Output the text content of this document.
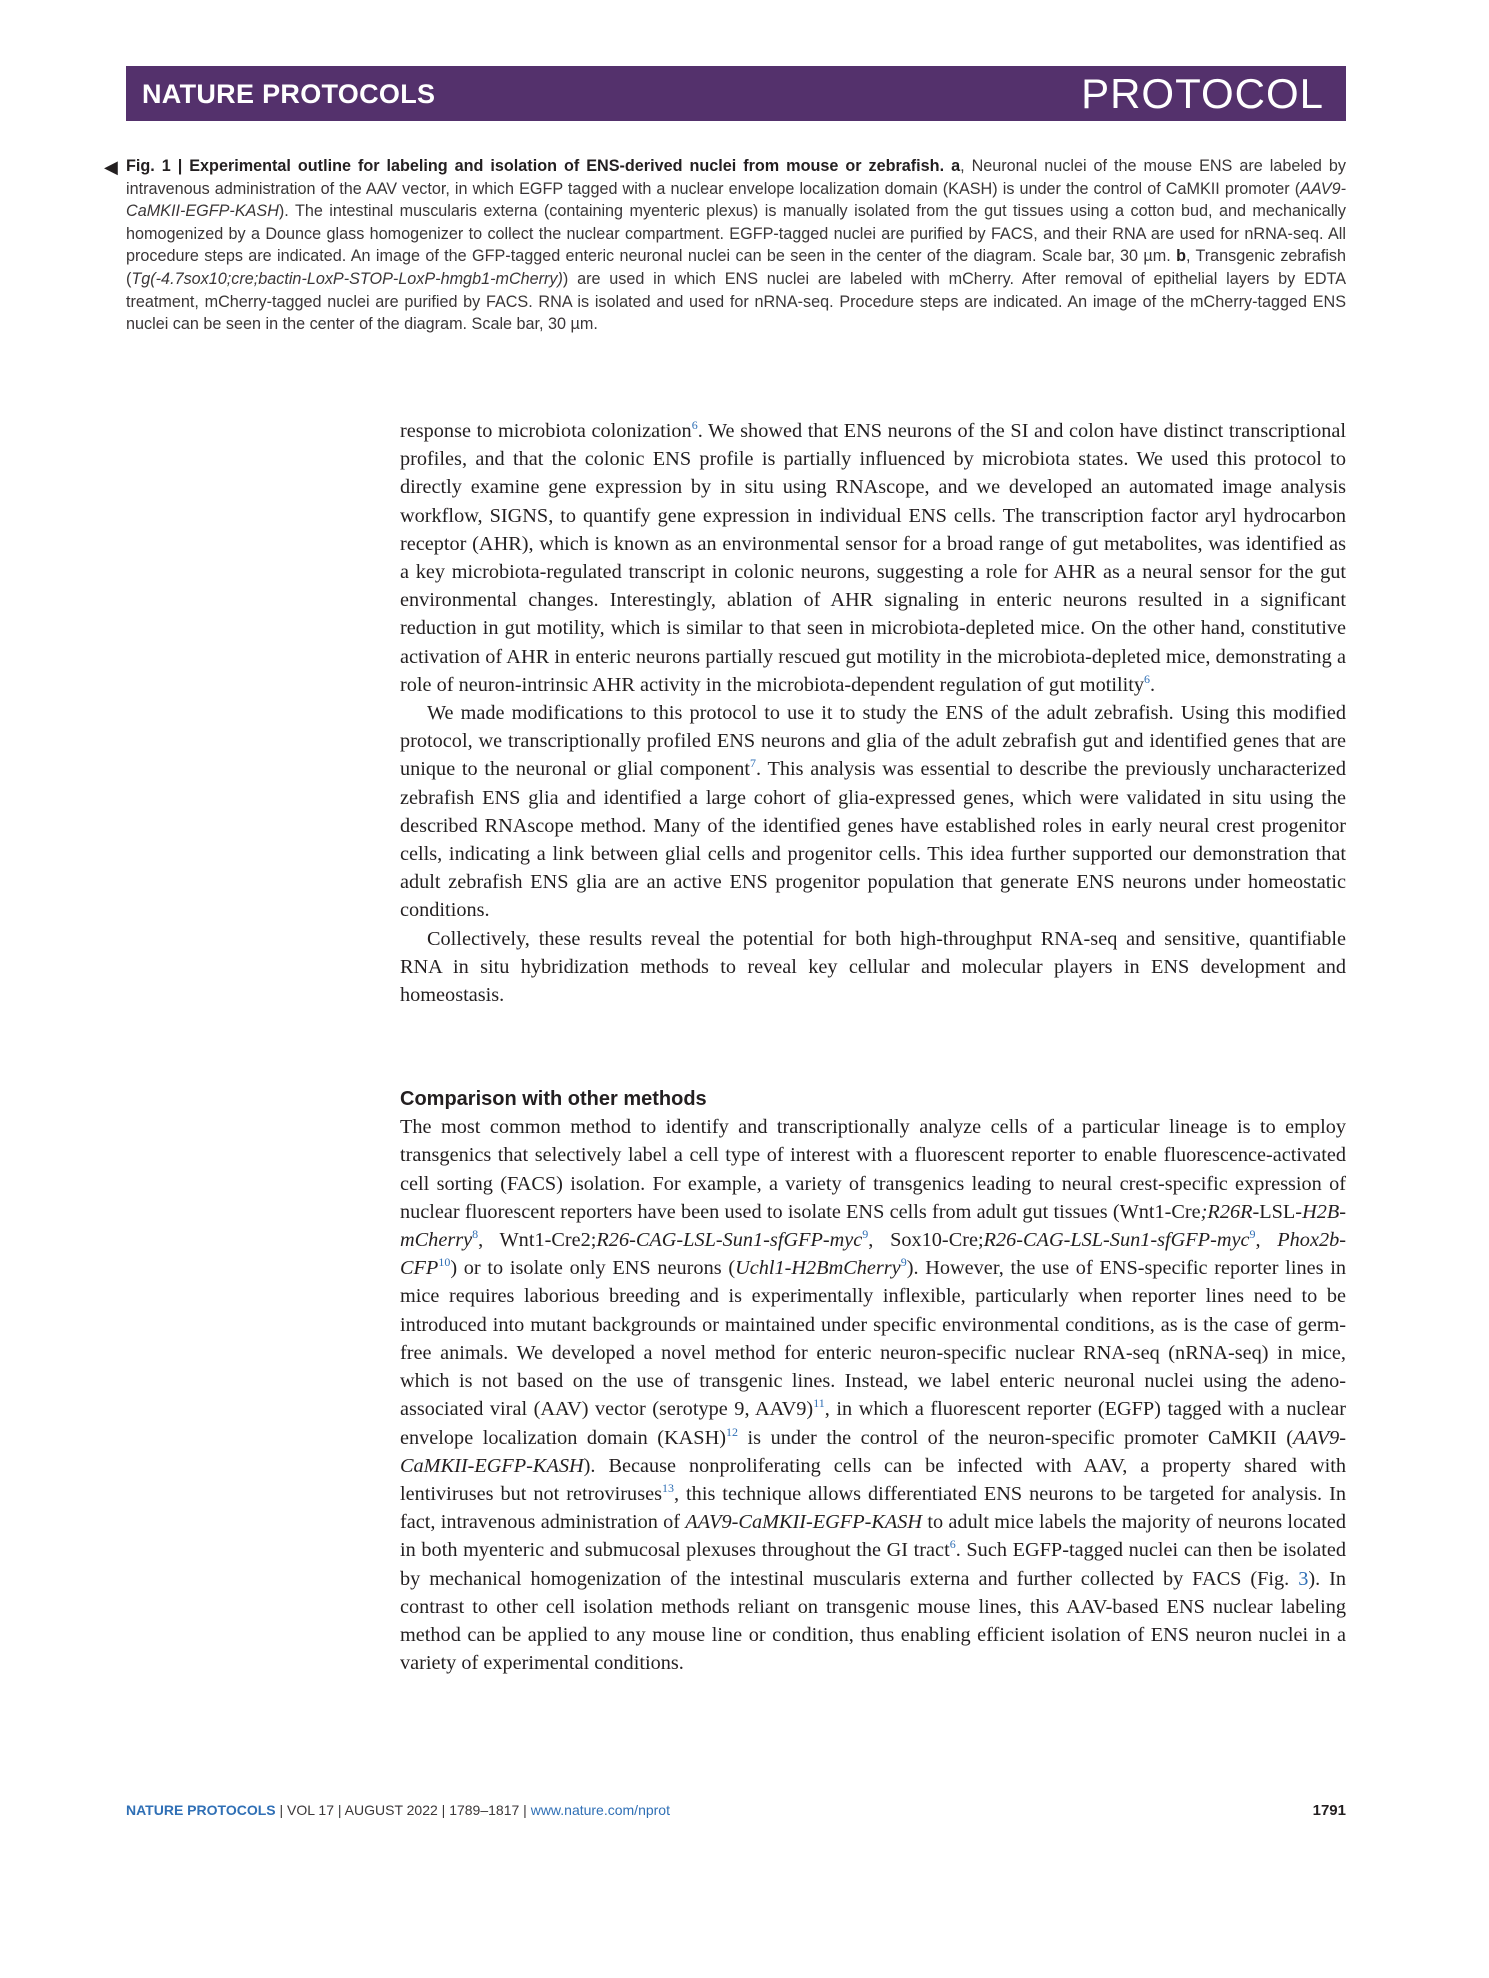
NATURE PROTOCOLS	PROTOCOL
◀ Fig. 1 | Experimental outline for labeling and isolation of ENS-derived nuclei from mouse or zebrafish. a, Neuronal nuclei of the mouse ENS are labeled by intravenous administration of the AAV vector, in which EGFP tagged with a nuclear envelope localization domain (KASH) is under the control of CaMKII promoter (AAV9-CaMKII-EGFP-KASH). The intestinal muscularis externa (containing myenteric plexus) is manually isolated from the gut tissues using a cotton bud, and mechanically homogenized by a Dounce glass homogenizer to collect the nuclear compartment. EGFP-tagged nuclei are purified by FACS, and their RNA are used for nRNA-seq. All procedure steps are indicated. An image of the GFP-tagged enteric neuronal nuclei can be seen in the center of the diagram. Scale bar, 30 µm. b, Transgenic zebrafish (Tg(-4.7sox10;cre;bactin-LoxP-STOP-LoxP-hmgb1-mCherry)) are used in which ENS nuclei are labeled with mCherry. After removal of epithelial layers by EDTA treatment, mCherry-tagged nuclei are purified by FACS. RNA is isolated and used for nRNA-seq. Procedure steps are indicated. An image of the mCherry-tagged ENS nuclei can be seen in the center of the diagram. Scale bar, 30 µm.

response to microbiota colonization$^6$. We showed that ENS neurons of the SI and colon have distinct transcriptional profiles, and that the colonic ENS profile is partially influenced by microbiota states. We used this protocol to directly examine gene expression by in situ using RNAscope, and we developed an automated image analysis workflow, SIGNS, to quantify gene expression in individual ENS cells. The transcription factor aryl hydrocarbon receptor (AHR), which is known as an environmental sensor for a broad range of gut metabolites, was identified as a key microbiota-regulated transcript in colonic neurons, suggesting a role for AHR as a neural sensor for the gut environmental changes. Interestingly, ablation of AHR signaling in enteric neurons resulted in a significant reduction in gut motility, which is similar to that seen in microbiota-depleted mice. On the other hand, constitutive activation of AHR in enteric neurons partially rescued gut motility in the microbiota-depleted mice, demonstrating a role of neuron-intrinsic AHR activity in the microbiota-dependent regulation of gut motility$^6$.

We made modifications to this protocol to use it to study the ENS of the adult zebrafish. Using this modified protocol, we transcriptionally profiled ENS neurons and glia of the adult zebrafish gut and identified genes that are unique to the neuronal or glial component$^7$. This analysis was essential to describe the previously uncharacterized zebrafish ENS glia and identified a large cohort of glia-expressed genes, which were validated in situ using the described RNAscope method. Many of the identified genes have established roles in early neural crest progenitor cells, indicating a link between glial cells and progenitor cells. This idea further supported our demonstration that adult zebrafish ENS glia are an active ENS progenitor population that generate ENS neurons under homeostatic conditions.

Collectively, these results reveal the potential for both high-throughput RNA-seq and sensitive, quantifiable RNA in situ hybridization methods to reveal key cellular and molecular players in ENS development and homeostasis.

Comparison with other methods

The most common method to identify and transcriptionally analyze cells of a particular lineage is to employ transgenics that selectively label a cell type of interest with a fluorescent reporter to enable fluorescence-activated cell sorting (FACS) isolation. For example, a variety of transgenics leading to neural crest-specific expression of nuclear fluorescent reporters have been used to isolate ENS cells from adult gut tissues (Wnt1-Cre;R26R-LSL-H2B-mCherry$^8$, Wnt1-Cre2;R26-CAG-LSL-Sun1-sfGFP-myc$^9$, Sox10-Cre;R26-CAG-LSL-Sun1-sfGFP-myc$^9$, Phox2b-CFP$^{10}$) or to isolate only ENS neurons (Uchl1-H2BmCherry$^9$). However, the use of ENS-specific reporter lines in mice requires laborious breeding and is experimentally inflexible, particularly when reporter lines need to be introduced into mutant backgrounds or maintained under specific environmental conditions, as is the case of germ-free animals. We developed a novel method for enteric neuron-specific nuclear RNA-seq (nRNA-seq) in mice, which is not based on the use of transgenic lines. Instead, we label enteric neuronal nuclei using the adeno-associated viral (AAV) vector (serotype 9, AAV9)$^{11}$, in which a fluorescent reporter (EGFP) tagged with a nuclear envelope localization domain (KASH)$^{12}$ is under the control of the neuron-specific promoter CaMKII (AAV9-CaMKII-EGFP-KASH). Because nonproliferating cells can be infected with AAV, a property shared with lentiviruses but not retroviruses$^{13}$, this technique allows differentiated ENS neurons to be targeted for analysis. In fact, intravenous administration of AAV9-CaMKII-EGFP-KASH to adult mice labels the majority of neurons located in both myenteric and submucosal plexuses throughout the GI tract$^6$. Such EGFP-tagged nuclei can then be isolated by mechanical homogenization of the intestinal muscularis externa and further collected by FACS (Fig. 3). In contrast to other cell isolation methods reliant on transgenic mouse lines, this AAV-based ENS nuclear labeling method can be applied to any mouse line or condition, thus enabling efficient isolation of ENS neuron nuclei in a variety of experimental conditions.

NATURE PROTOCOLS | VOL 17 | AUGUST 2022 | 1789–1817 | www.nature.com/nprot	1791
